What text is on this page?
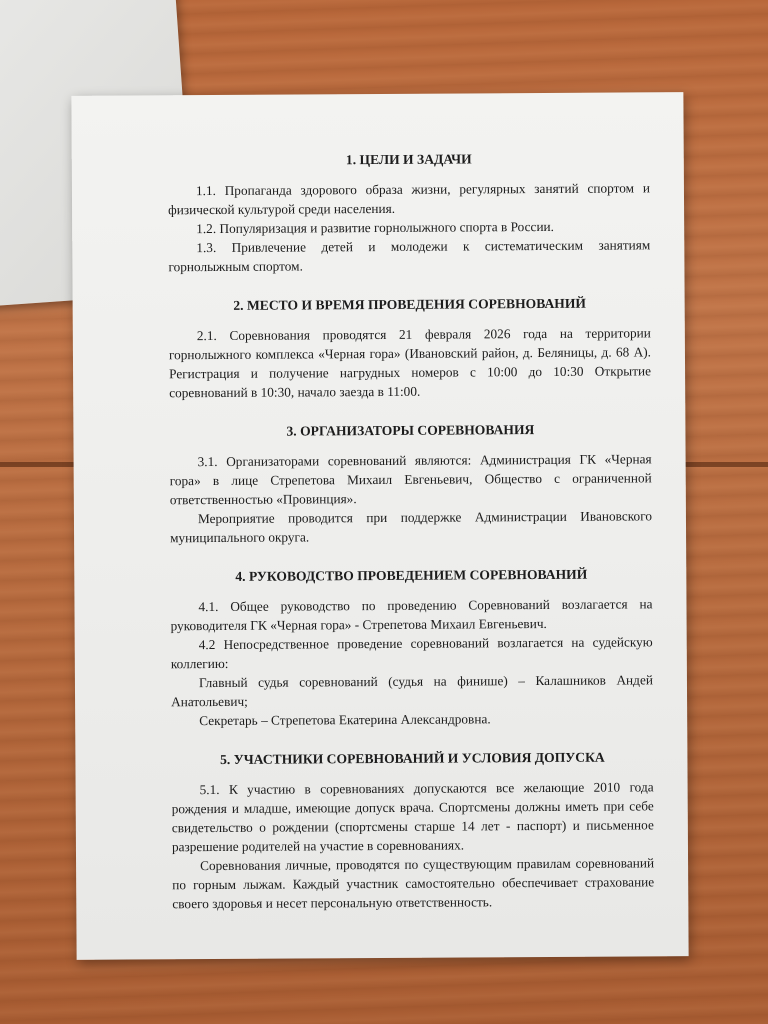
1. ЦЕЛИ И ЗАДАЧИ

1.1. Пропаганда здорового образа жизни, регулярных занятий спортом и физической культурой среди населения.

1.2. Популяризация и развитие горнолыжного спорта в России.

1.3. Привлечение детей и молодежи к систематическим занятиям горнолыжным спортом.

2. МЕСТО И ВРЕМЯ ПРОВЕДЕНИЯ СОРЕВНОВАНИЙ

2.1. Соревнования проводятся 21 февраля 2026 года на территории горнолыжного комплекса «Черная гора» (Ивановский район, д. Беляницы, д. 68 А). Регистрация и получение нагрудных номеров с 10:00 до 10:30 Открытие соревнований в 10:30, начало заезда в 11:00.

3. ОРГАНИЗАТОРЫ СОРЕВНОВАНИЯ

3.1. Организаторами соревнований являются: Администрация ГК «Черная гора» в лице Стрепетова Михаил Евгеньевич, Общество с ограниченной ответственностью «Провинция».

Мероприятие проводится при поддержке Администрации Ивановского муниципального округа.

4. РУКОВОДСТВО ПРОВЕДЕНИЕМ СОРЕВНОВАНИЙ

4.1. Общее руководство по проведению Соревнований возлагается на руководителя ГК «Черная гора» - Стрепетова Михаил Евгеньевич.

4.2 Непосредственное проведение соревнований возлагается на судейскую коллегию:

Главный судья соревнований (судья на финише) – Калашников Андей Анатольевич;

Секретарь – Стрепетова Екатерина Александровна.

5. УЧАСТНИКИ СОРЕВНОВАНИЙ И УСЛОВИЯ ДОПУСКА

5.1. К участию в соревнованиях допускаются все желающие 2010 года рождения и младше, имеющие допуск врача. Спортсмены должны иметь при себе свидетельство о рождении (спортсмены старше 14 лет - паспорт) и письменное разрешение родителей на участие в соревнованиях.

Соревнования личные, проводятся по существующим правилам соревнований по горным лыжам. Каждый участник самостоятельно обеспечивает страхование своего здоровья и несет персональную ответственность.
